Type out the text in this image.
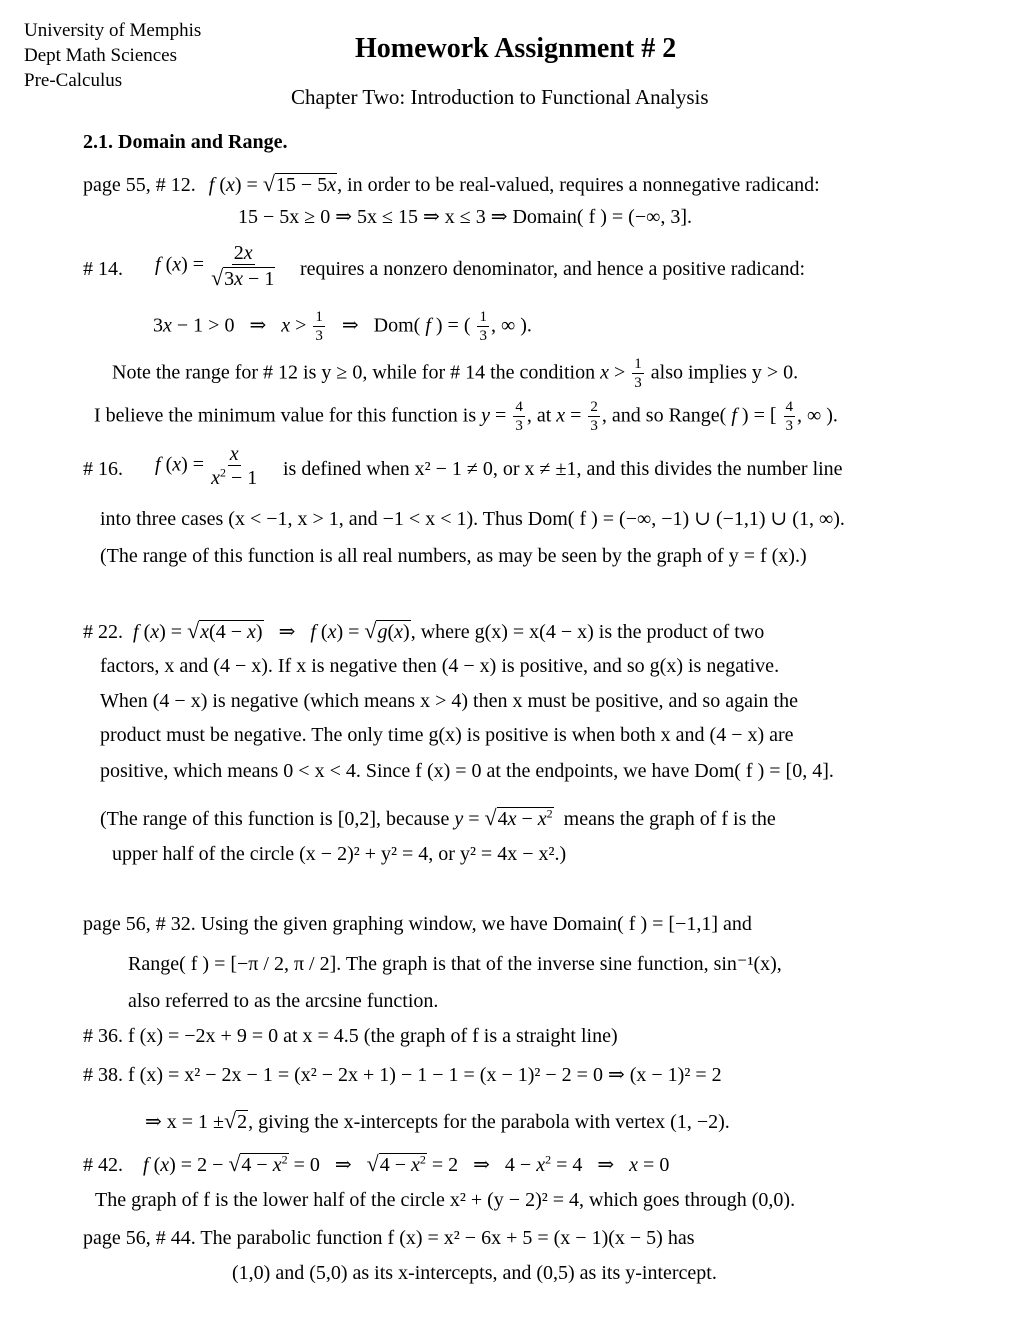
University of Memphis
Dept Math Sciences
Pre-Calculus
Homework Assignment # 2
Chapter Two: Introduction to Functional Analysis
2.1. Domain and Range.
page 55, # 12. f (x) = √15 − 5x, in order to be real-valued, requires a nonnegative radicand:
15 − 5x ≥ 0 ⇒ 5x ≤ 15 ⇒ x ≤ 3 ⇒ Domain( f ) = (−∞, 3].
# 14. f $(x) = \frac{2x}{√3x - 1}$ requires a nonzero denominator, and hence a positive radicand:
3x − 1 > 0   ⇒   $x > \frac{1}{3}$ ⇒   Dom( f ) = ( $\frac{1}{3}$ , ∞ ).
Note the range for # 12 is y ≥ 0, while for # 14 the condition $x > \frac{1}{3}$ also implies y > 0.
I believe the minimum value for this function is $y = \frac{4}{3}$ , at $x = \frac{2}{3}$ , and so Range( f ) = [ $\frac{4}{3}$ , ∞ ).
# 16. f $(x) = \frac{x}{x^2 - 1}$ is defined when x² − 1 ≠ 0, or x ≠ ±1, and this divides the number line
into three cases (x < −1, x > 1, and −1 < x < 1). Thus Dom( f ) = (−∞, −1) ∪ (−1,1) ∪ (1, ∞).
(The range of this function is all real numbers, as may be seen by the graph of y = f (x).)
# 22. f (x) = √x(4 − x)   ⇒   f (x) = √g(x), where g(x) = x(4 − x) is the product of two
factors, x and (4 − x). If x is negative then (4 − x) is positive, and so g(x) is negative.
When (4 − x) is negative (which means x > 4) then x must be positive, and so again the
product must be negative. The only time g(x) is positive is when both x and (4 − x) are
positive, which means 0 < x < 4. Since f (x) = 0 at the endpoints, we have Dom( f ) = [0, 4].
(The range of this function is [0,2], because $y = √4x - x^2$ means the graph of f is the
upper half of the circle (x − 2)² + y² = 4, or y² = 4x − x².)
page 56, # 32. Using the given graphing window, we have Domain( f ) = [−1,1] and
Range( f ) = [−π / 2, π / 2]. The graph is that of the inverse sine function, sin⁻¹(x),
also referred to as the arcsine function.
# 36. f (x) = −2x + 9 = 0 at x = 4.5 (the graph of f is a straight line)
# 38. f (x) = x² − 2x − 1 = (x² − 2x + 1) − 1 − 1 = (x − 1)² − 2 = 0 ⇒ (x − 1)² = 2
⇒ x = 1 ±√2, giving the x-intercepts for the parabola with vertex (1, −2).
# 42. f $(x) = 2 - √4 - x^2 = 0$   ⇒   $√4 - x^2 = 2$   ⇒   $4 - x^2 = 4$   ⇒   x = 0
The graph of f is the lower half of the circle x² + (y − 2)² = 4, which goes through (0,0).
page 56, # 44. The parabolic function f (x) = x² − 6x + 5 = (x − 1)(x − 5) has
(1,0) and (5,0) as its x-intercepts, and (0,5) as its y-intercept.
